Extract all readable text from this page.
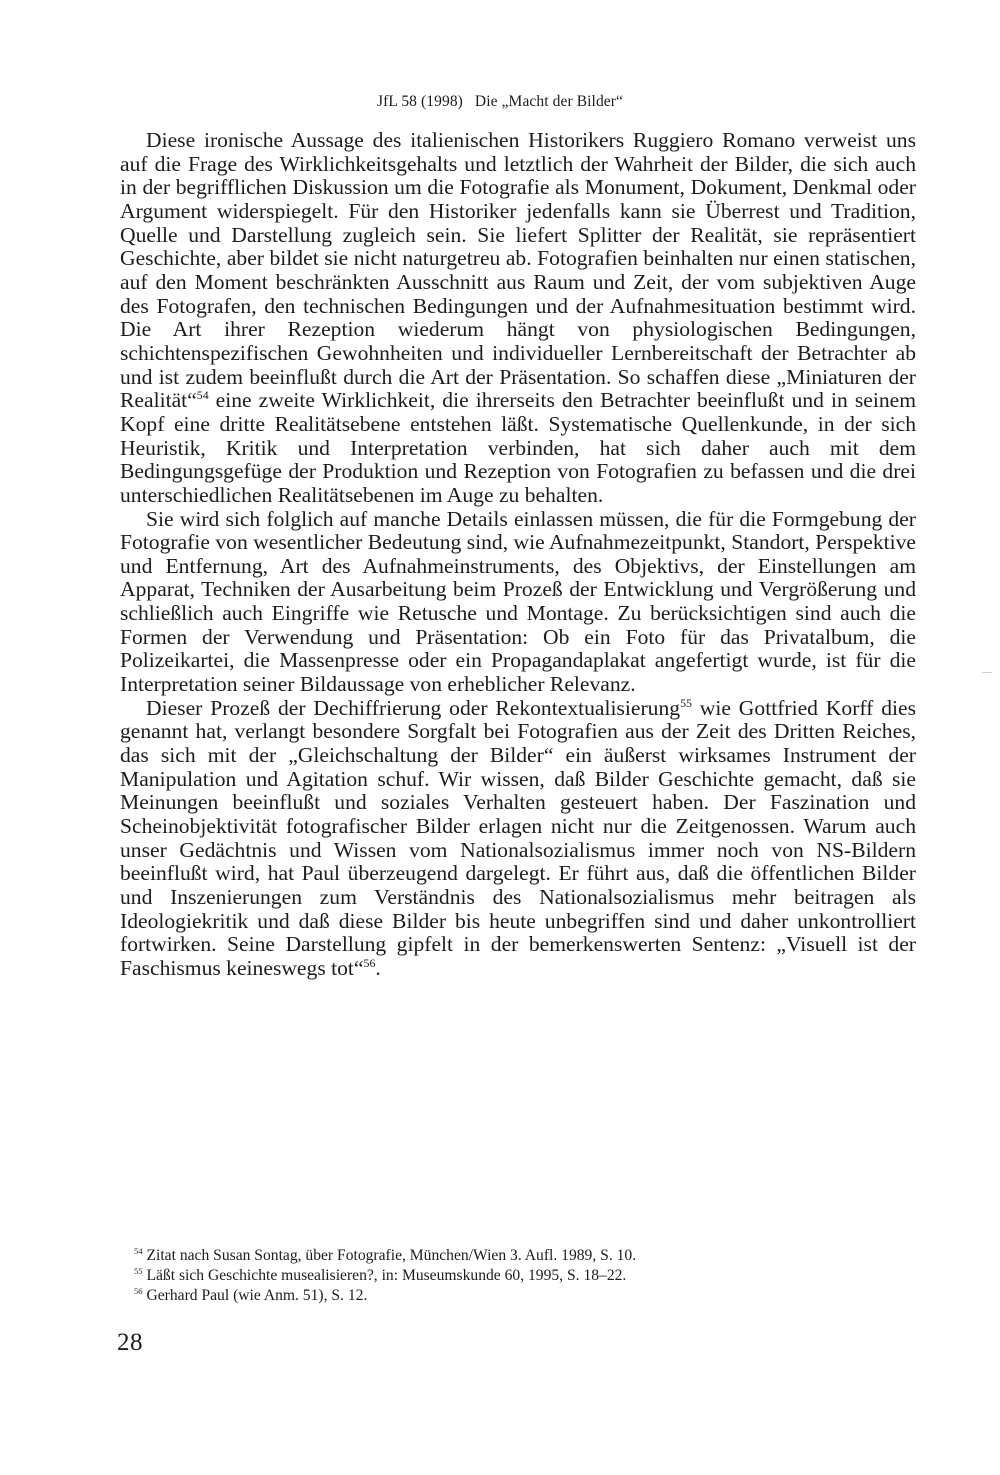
JfL 58 (1998) Die „Macht der Bilder“

Diese ironische Aussage des italienischen Historikers Ruggiero Romano verweist uns auf die Frage des Wirklichkeitsgehalts und letztlich der Wahrheit der Bilder, die sich auch in der begrifflichen Diskussion um die Fotografie als Monument, Dokument, Denkmal oder Argument widerspiegelt. Für den Historiker jedenfalls kann sie Überrest und Tradition, Quelle und Darstellung zugleich sein. Sie liefert Splitter der Realität, sie repräsentiert Geschichte, aber bildet sie nicht naturgetreu ab. Fotografien beinhalten nur einen statischen, auf den Moment beschränkten Ausschnitt aus Raum und Zeit, der vom subjektiven Auge des Fotografen, den technischen Bedingungen und der Aufnahmesituation bestimmt wird. Die Art ihrer Rezeption wiederum hängt von physiologischen Bedingungen, schichtenspezifischen Gewohnheiten und individueller Lernbereitschaft der Betrachter ab und ist zudem beeinflußt durch die Art der Präsentation. So schaffen diese „Miniaturen der Realität“$^{54}$ eine zweite Wirklichkeit, die ihrerseits den Betrachter beeinflußt und in seinem Kopf eine dritte Realitätsebene entstehen läßt. Systematische Quellenkunde, in der sich Heuristik, Kritik und Interpretation verbinden, hat sich daher auch mit dem Bedingungsgefüge der Produktion und Rezeption von Fotografien zu befassen und die drei unterschiedlichen Realitätsebenen im Auge zu behalten.

Sie wird sich folglich auf manche Details einlassen müssen, die für die Formgebung der Fotografie von wesentlicher Bedeutung sind, wie Aufnahmezeitpunkt, Standort, Perspektive und Entfernung, Art des Aufnahmeinstruments, des Objektivs, der Einstellungen am Apparat, Techniken der Ausarbeitung beim Prozeß der Entwicklung und Vergrößerung und schließlich auch Eingriffe wie Retusche und Montage. Zu berücksichtigen sind auch die Formen der Verwendung und Präsentation: Ob ein Foto für das Privatalbum, die Polizeikartei, die Massenpresse oder ein Propagandaplakat angefertigt wurde, ist für die Interpretation seiner Bildaussage von erheblicher Relevanz.

Dieser Prozeß der Dechiffrierung oder Rekontextualisierung$^{55}$ wie Gottfried Korff dies genannt hat, verlangt besondere Sorgfalt bei Fotografien aus der Zeit des Dritten Reiches, das sich mit der „Gleichschaltung der Bilder“ ein äußerst wirksames Instrument der Manipulation und Agitation schuf. Wir wissen, daß Bilder Geschichte gemacht, daß sie Meinungen beeinflußt und soziales Verhalten gesteuert haben. Der Faszination und Scheinobjektivität fotografischer Bilder erlagen nicht nur die Zeitgenossen. Warum auch unser Gedächtnis und Wissen vom Nationalsozialismus immer noch von NS-Bildern beeinflußt wird, hat Paul überzeugend dargelegt. Er führt aus, daß die öffentlichen Bilder und Inszenierungen zum Verständnis des Nationalsozialismus mehr beitragen als Ideologiekritik und daß diese Bilder bis heute unbegriffen sind und daher unkontrolliert fortwirken. Seine Darstellung gipfelt in der bemerkenswerten Sentenz: „Visuell ist der Faschismus keineswegs tot“$^{56}$.

$^{54}$ Zitat nach Susan Sontag, über Fotografie, München/Wien 3. Aufl. 1989, S. 10.

$^{55}$ Läßt sich Geschichte musealisieren?, in: Museumskunde 60, 1995, S. 18–22.

$^{56}$ Gerhard Paul (wie Anm. 51), S. 12.

28
